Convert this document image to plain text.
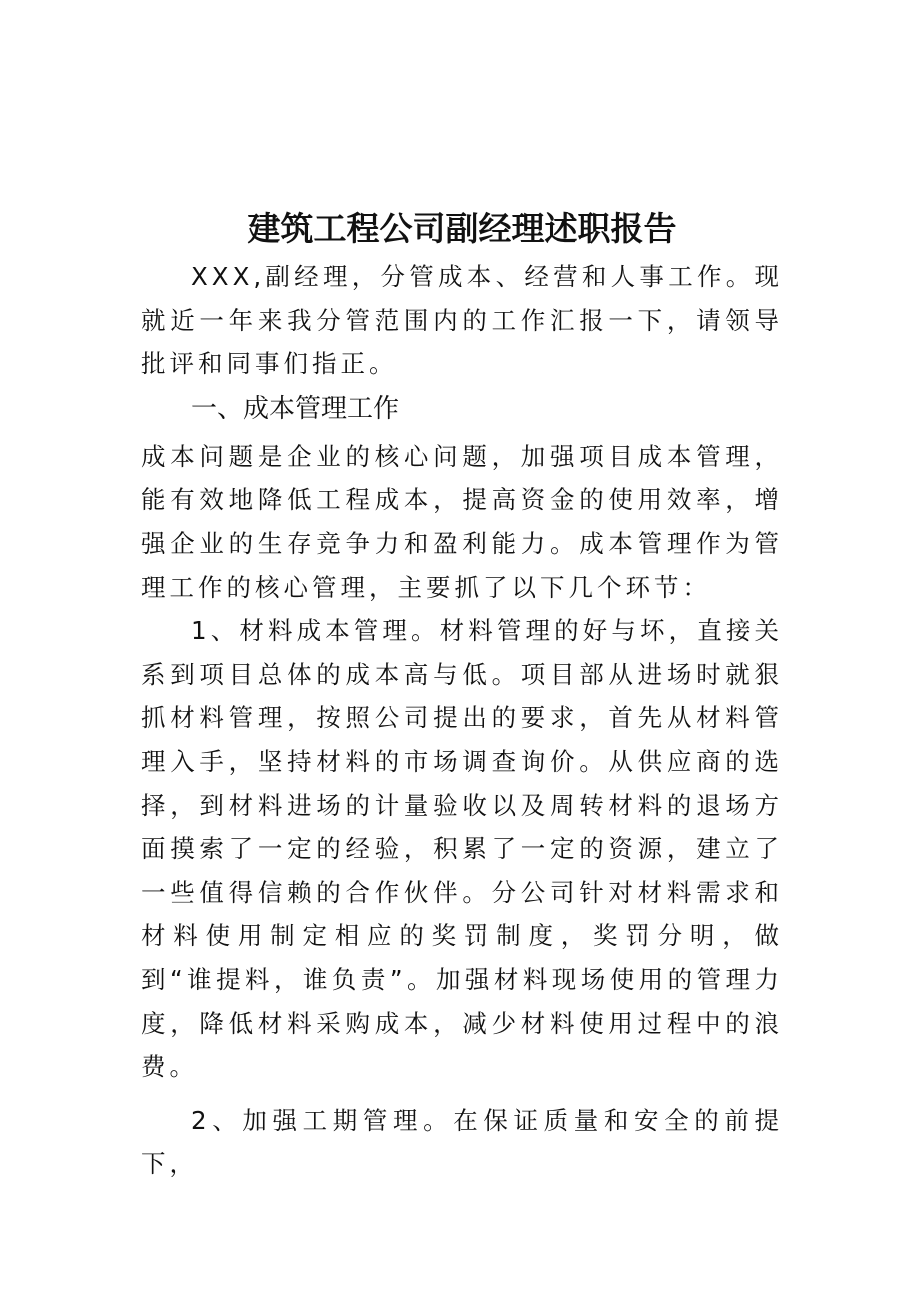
建筑工程公司副经理述职报告

XXX,副经理，分管成本、经营和人事工作。现就近一年来我分管范围内的工作汇报一下，请领导批评和同事们指正。

一、成本管理工作

成本问题是企业的核心问题，加强项目成本管理，能有效地降低工程成本，提高资金的使用效率，增强企业的生存竞争力和盈利能力。成本管理作为管理工作的核心管理，主要抓了以下几个环节：

1、材料成本管理。材料管理的好与坏，直接关系到项目总体的成本高与低。项目部从进场时就狠抓材料管理，按照公司提出的要求，首先从材料管理入手，坚持材料的市场调查询价。从供应商的选择，到材料进场的计量验收以及周转材料的退场方面摸索了一定的经验，积累了一定的资源，建立了一些值得信赖的合作伙伴。分公司针对材料需求和材料使用制定相应的奖罚制度，奖罚分明，做到“谁提料，谁负责”。加强材料现场使用的管理力度，降低材料采购成本，减少材料使用过程中的浪费。

2、加强工期管理。在保证质量和安全的前提下，
